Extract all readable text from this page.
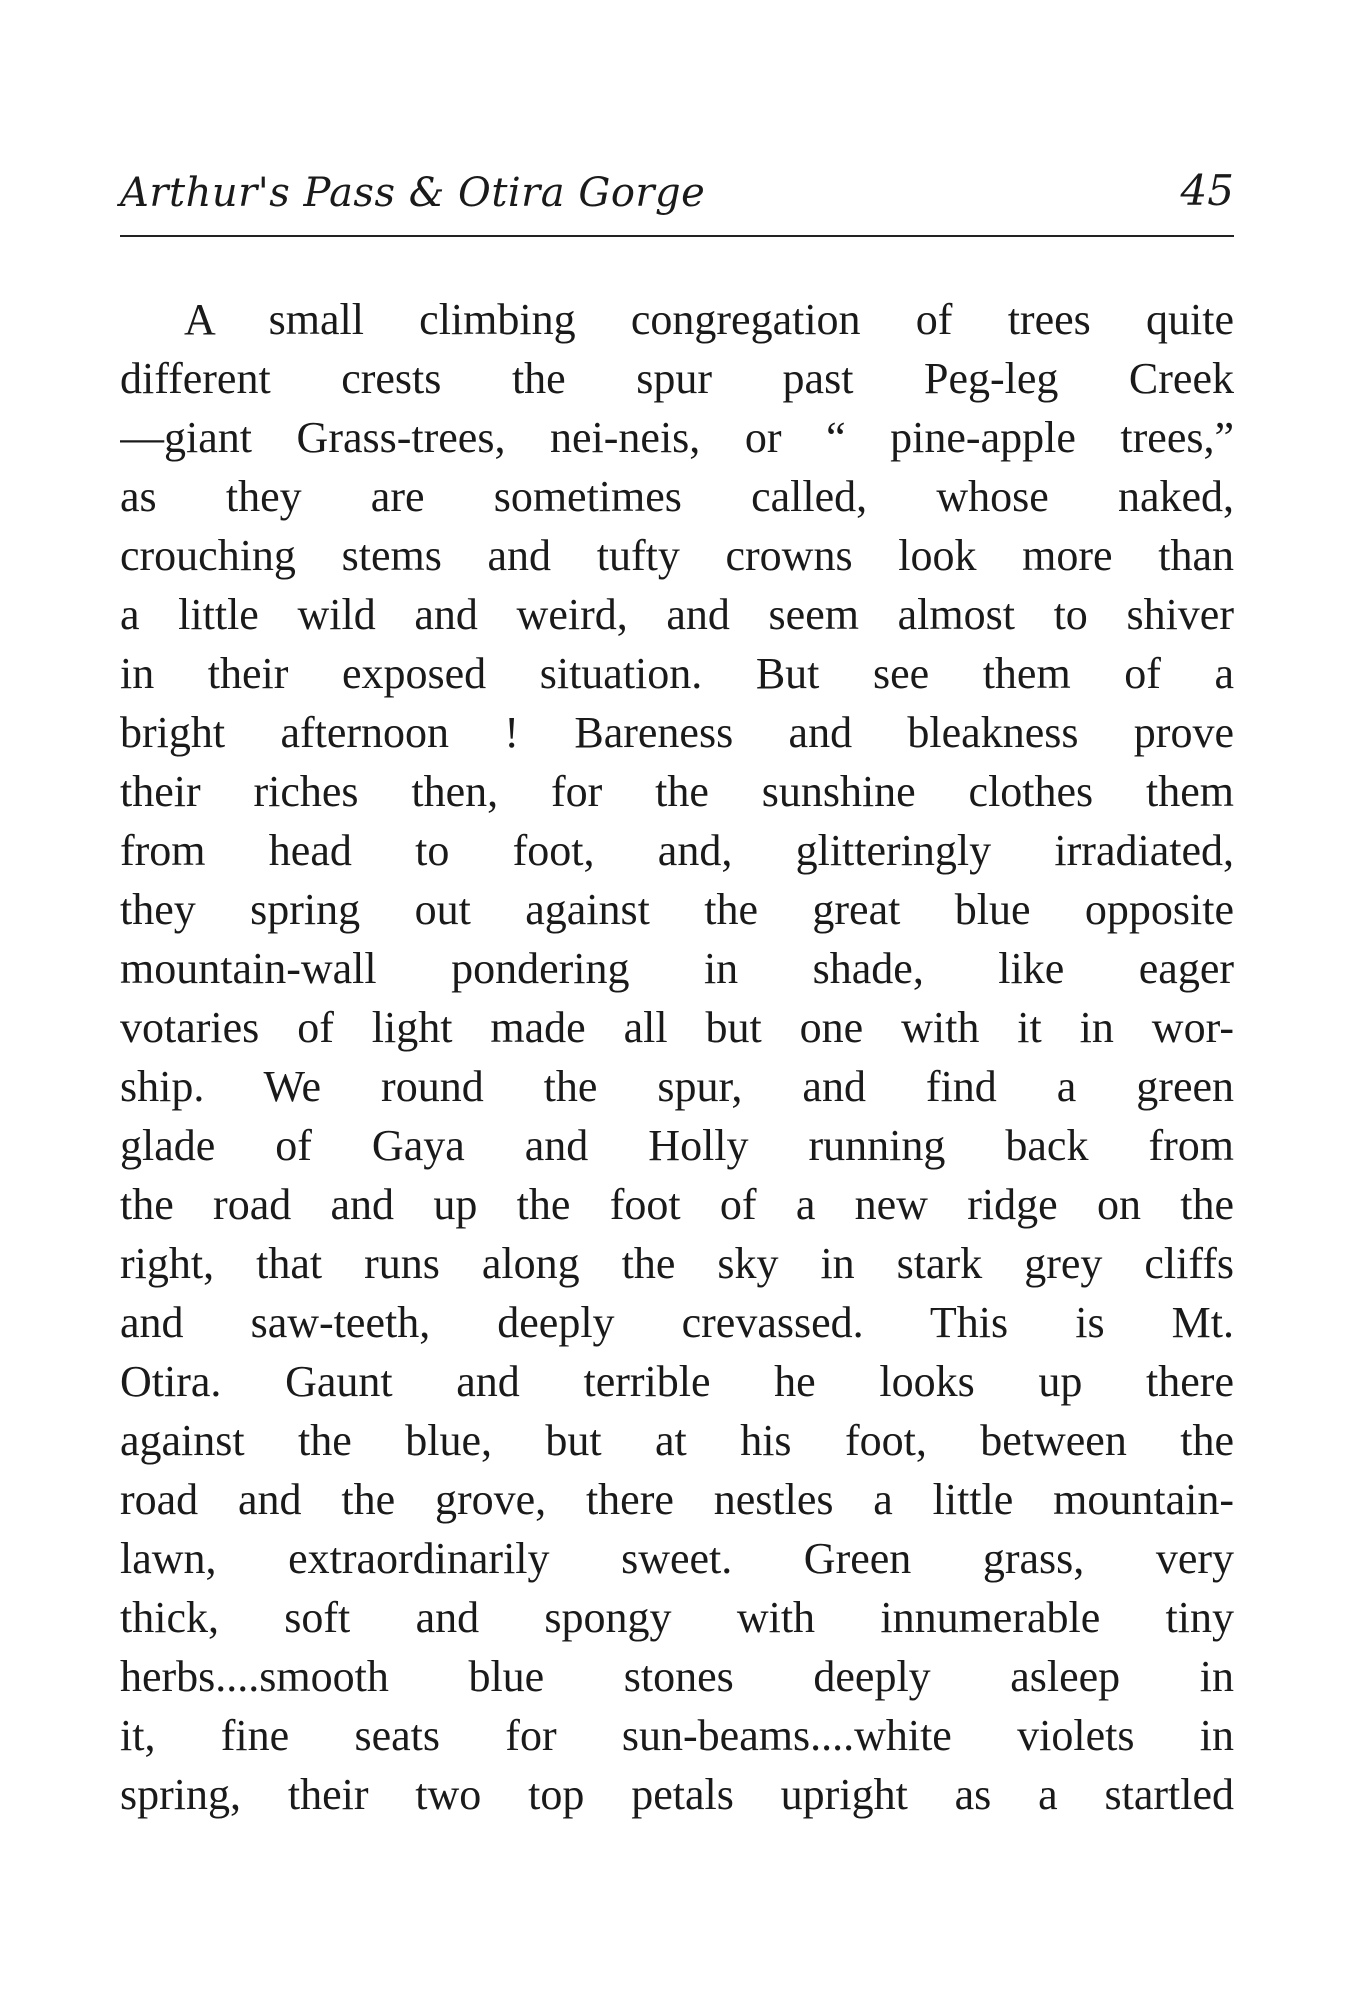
Arthur's Pass & Otira Gorge	45
A small climbing congregation of trees quite
different crests the spur past Peg-leg Creek
—giant Grass-trees, nei-neis, or “ pine-apple trees,”
as they are sometimes called, whose naked,
crouching stems and tufty crowns look more than
a little wild and weird, and seem almost to shiver
in their exposed situation. But see them of a
bright afternoon ! Bareness and bleakness prove
their riches then, for the sunshine clothes them
from head to foot, and, glitteringly irradiated,
they spring out against the great blue opposite
mountain-wall pondering in shade, like eager
votaries of light made all but one with it in wor-
ship. We round the spur, and find a green
glade of Gaya and Holly running back from
the road and up the foot of a new ridge on the
right, that runs along the sky in stark grey cliffs
and saw-teeth, deeply crevassed. This is Mt.
Otira. Gaunt and terrible he looks up there
against the blue, but at his foot, between the
road and the grove, there nestles a little mountain-
lawn, extraordinarily sweet. Green grass, very
thick, soft and spongy with innumerable tiny
herbs....smooth blue stones deeply asleep in
it, fine seats for sun-beams....white violets in
spring, their two top petals upright as a startled
